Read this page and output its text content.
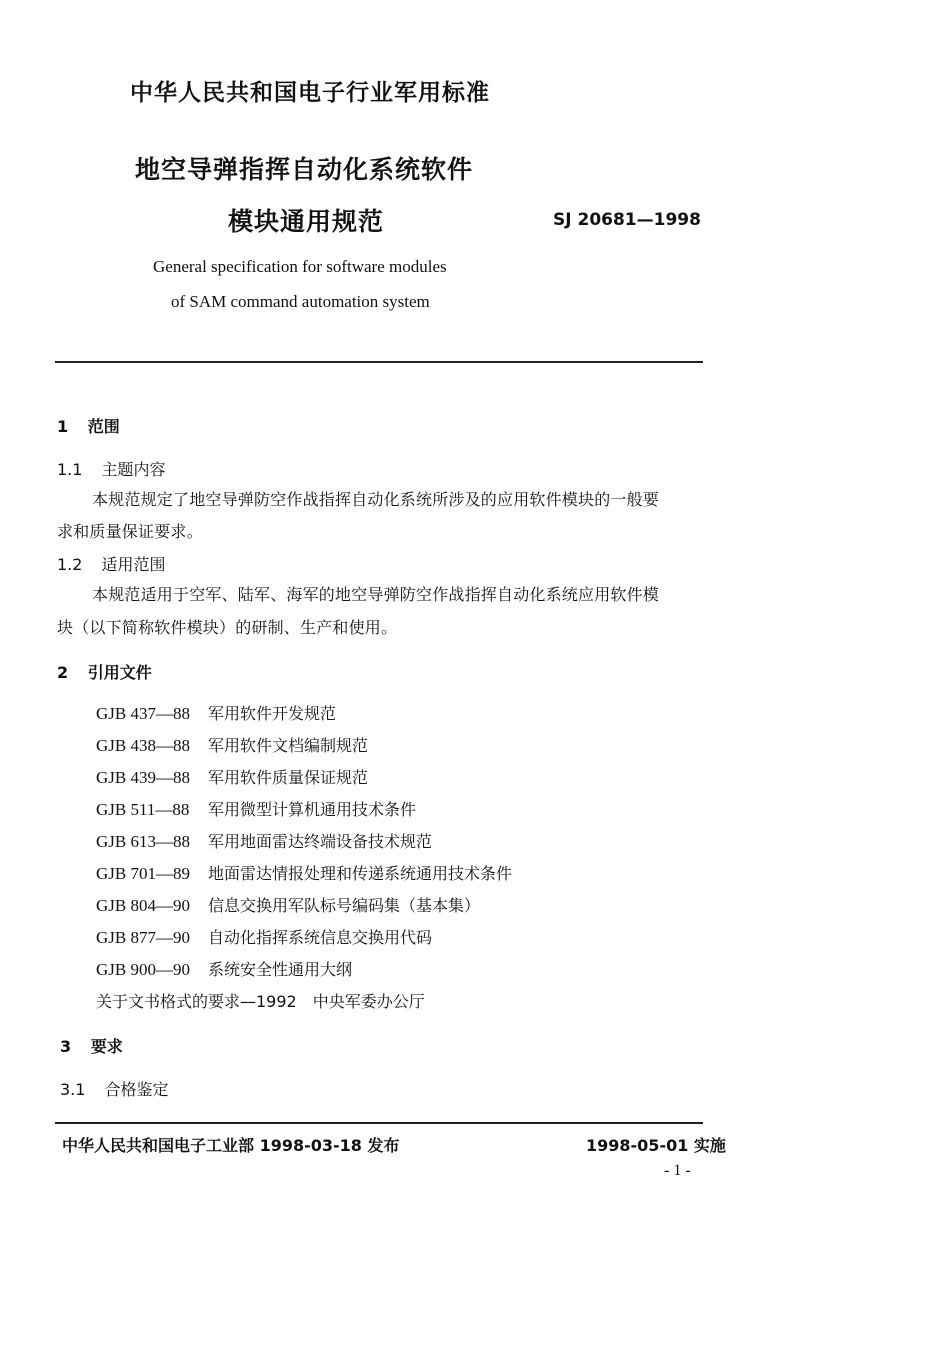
中华人民共和国电子行业军用标准
地空导弹指挥自动化系统软件
模块通用规范	SJ 20681—1998
General specification for software modules
of SAM command automation system
1 范围
1.1 主题内容
本规范规定了地空导弹防空作战指挥自动化系统所涉及的应用软件模块的一般要
求和质量保证要求。
1.2 适用范围
本规范适用于空军、陆军、海军的地空导弹防空作战指挥自动化系统应用软件模
块（以下简称软件模块）的研制、生产和使用。
2 引用文件
GJB 437—88 军用软件开发规范
GJB 438—88 军用软件文档编制规范
GJB 439—88 军用软件质量保证规范
GJB 511—88 军用微型计算机通用技术条件
GJB 613—88 军用地面雷达终端设备技术规范
GJB 701—89 地面雷达情报处理和传递系统通用技术条件
GJB 804—90 信息交换用军队标号编码集（基本集）
GJB 877—90 自动化指挥系统信息交换用代码
GJB 900—90 系统安全性通用大纲
关于文书格式的要求—1992　中央军委办公厅
3 要求
3.1 合格鉴定
中华人民共和国电子工业部 1998-03-18 发布	1998-05-01 实施
- 1 -
